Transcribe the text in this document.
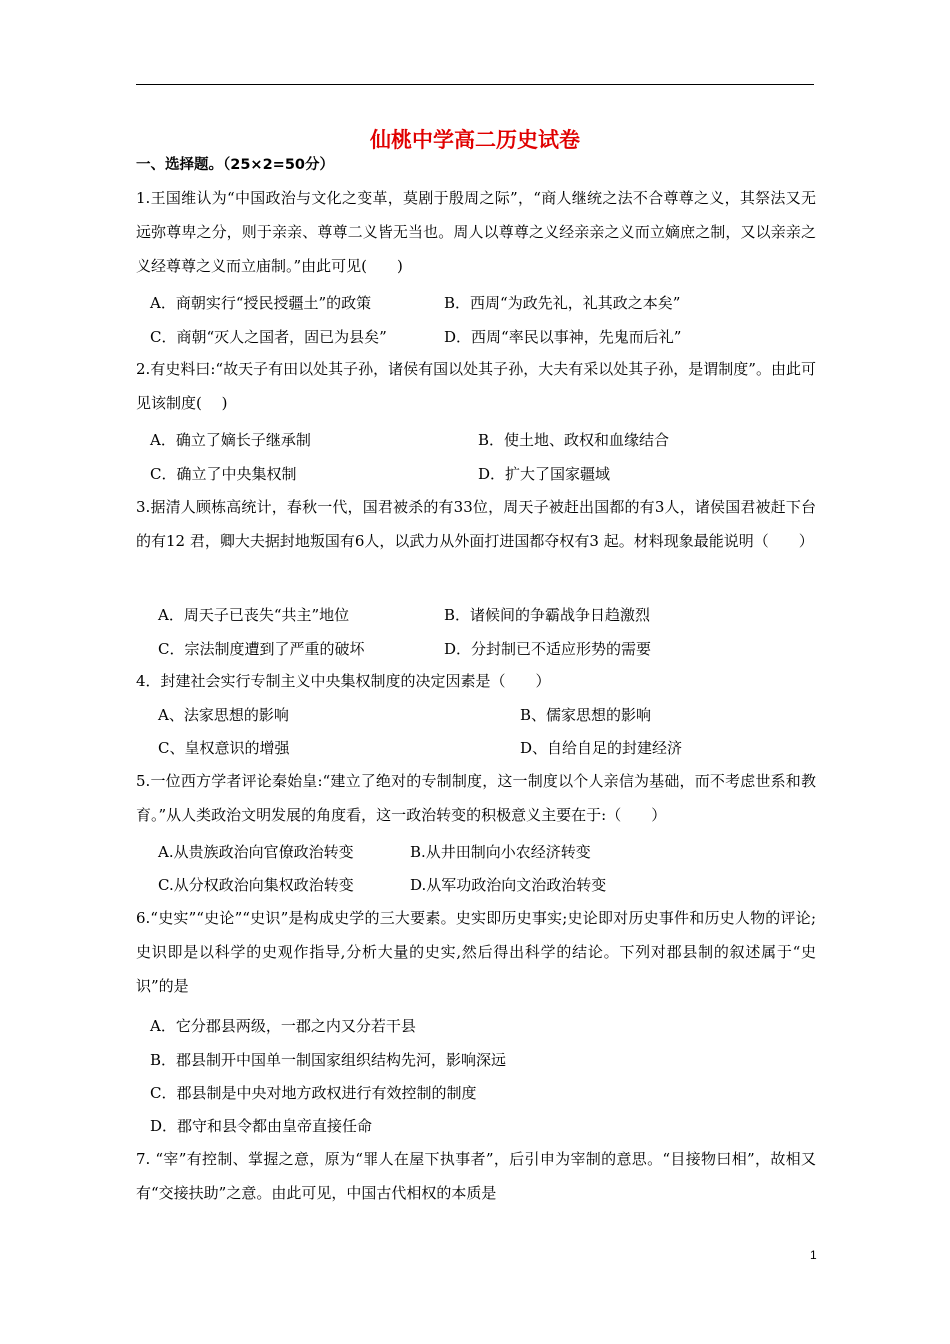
仙桃中学高二历史试卷
一、选择题。（25×2=50分）
1.王国维认为“中国政治与文化之变革，莫剧于殷周之际”，“商人继统之法不合尊尊之义，其祭法又无远弥尊卑之分，则于亲亲、尊尊二义皆无当也。周人以尊尊之义经亲亲之义而立嫡庶之制，又以亲亲之义经尊尊之义而立庙制。”由此可见(　　)
A．商朝实行“授民授疆土”的政策	B．西周“为政先礼，礼其政之本矣”
C．商朝“灭人之国者，固已为县矣”	D．西周“率民以事神，先鬼而后礼”
2.有史料曰:“故天子有田以处其子孙，诸侯有国以处其子孙，大夫有采以处其子孙，是谓制度”。由此可见该制度(　 )
A．确立了嫡长子继承制	B．使土地、政权和血缘结合
C．确立了中央集权制	D．扩大了国家疆域
3.据清人顾栋高统计，春秋一代，国君被杀的有33位，周天子被赶出国都的有3人，诸侯国君被赶下台的有12 君，卿大夫据封地叛国有6人，以武力从外面打进国都夺权有3 起。材料现象最能说明（　　）
A．周天子已丧失“共主”地位	B．诸候间的争霸战争日趋激烈
C．宗法制度遭到了严重的破坏	D．分封制已不适应形势的需要
4．封建社会实行专制主义中央集权制度的决定因素是（　　）
A、法家思想的影响	B、儒家思想的影响
C、皇权意识的增强	D、自给自足的封建经济
5.一位西方学者评论秦始皇:“建立了绝对的专制制度，这一制度以个人亲信为基础，而不考虑世系和教育。”从人类政治文明发展的角度看，这一政治转变的积极意义主要在于:（　　）
A.从贵族政治向官僚政治转变	B.从井田制向小农经济转变
C.从分权政治向集权政治转变	D.从军功政治向文治政治转变
6.“史实”“史论”“史识”是构成史学的三大要素。史实即历史事实;史论即对历史事件和历史人物的评论;史识即是以科学的史观作指导,分析大量的史实,然后得出科学的结论。下列对郡县制的叙述属于“史识”的是
A．它分郡县两级，一郡之内又分若干县
B．郡县制开中国单一制国家组织结构先河，影响深远
C．郡县制是中央对地方政权进行有效控制的制度
D．郡守和县令都由皇帝直接任命
7. “宰”有控制、掌握之意，原为“罪人在屋下执事者”，后引申为宰制的意思。“目接物曰相”，故相又有“交接扶助”之意。由此可见，中国古代相权的本质是
1
